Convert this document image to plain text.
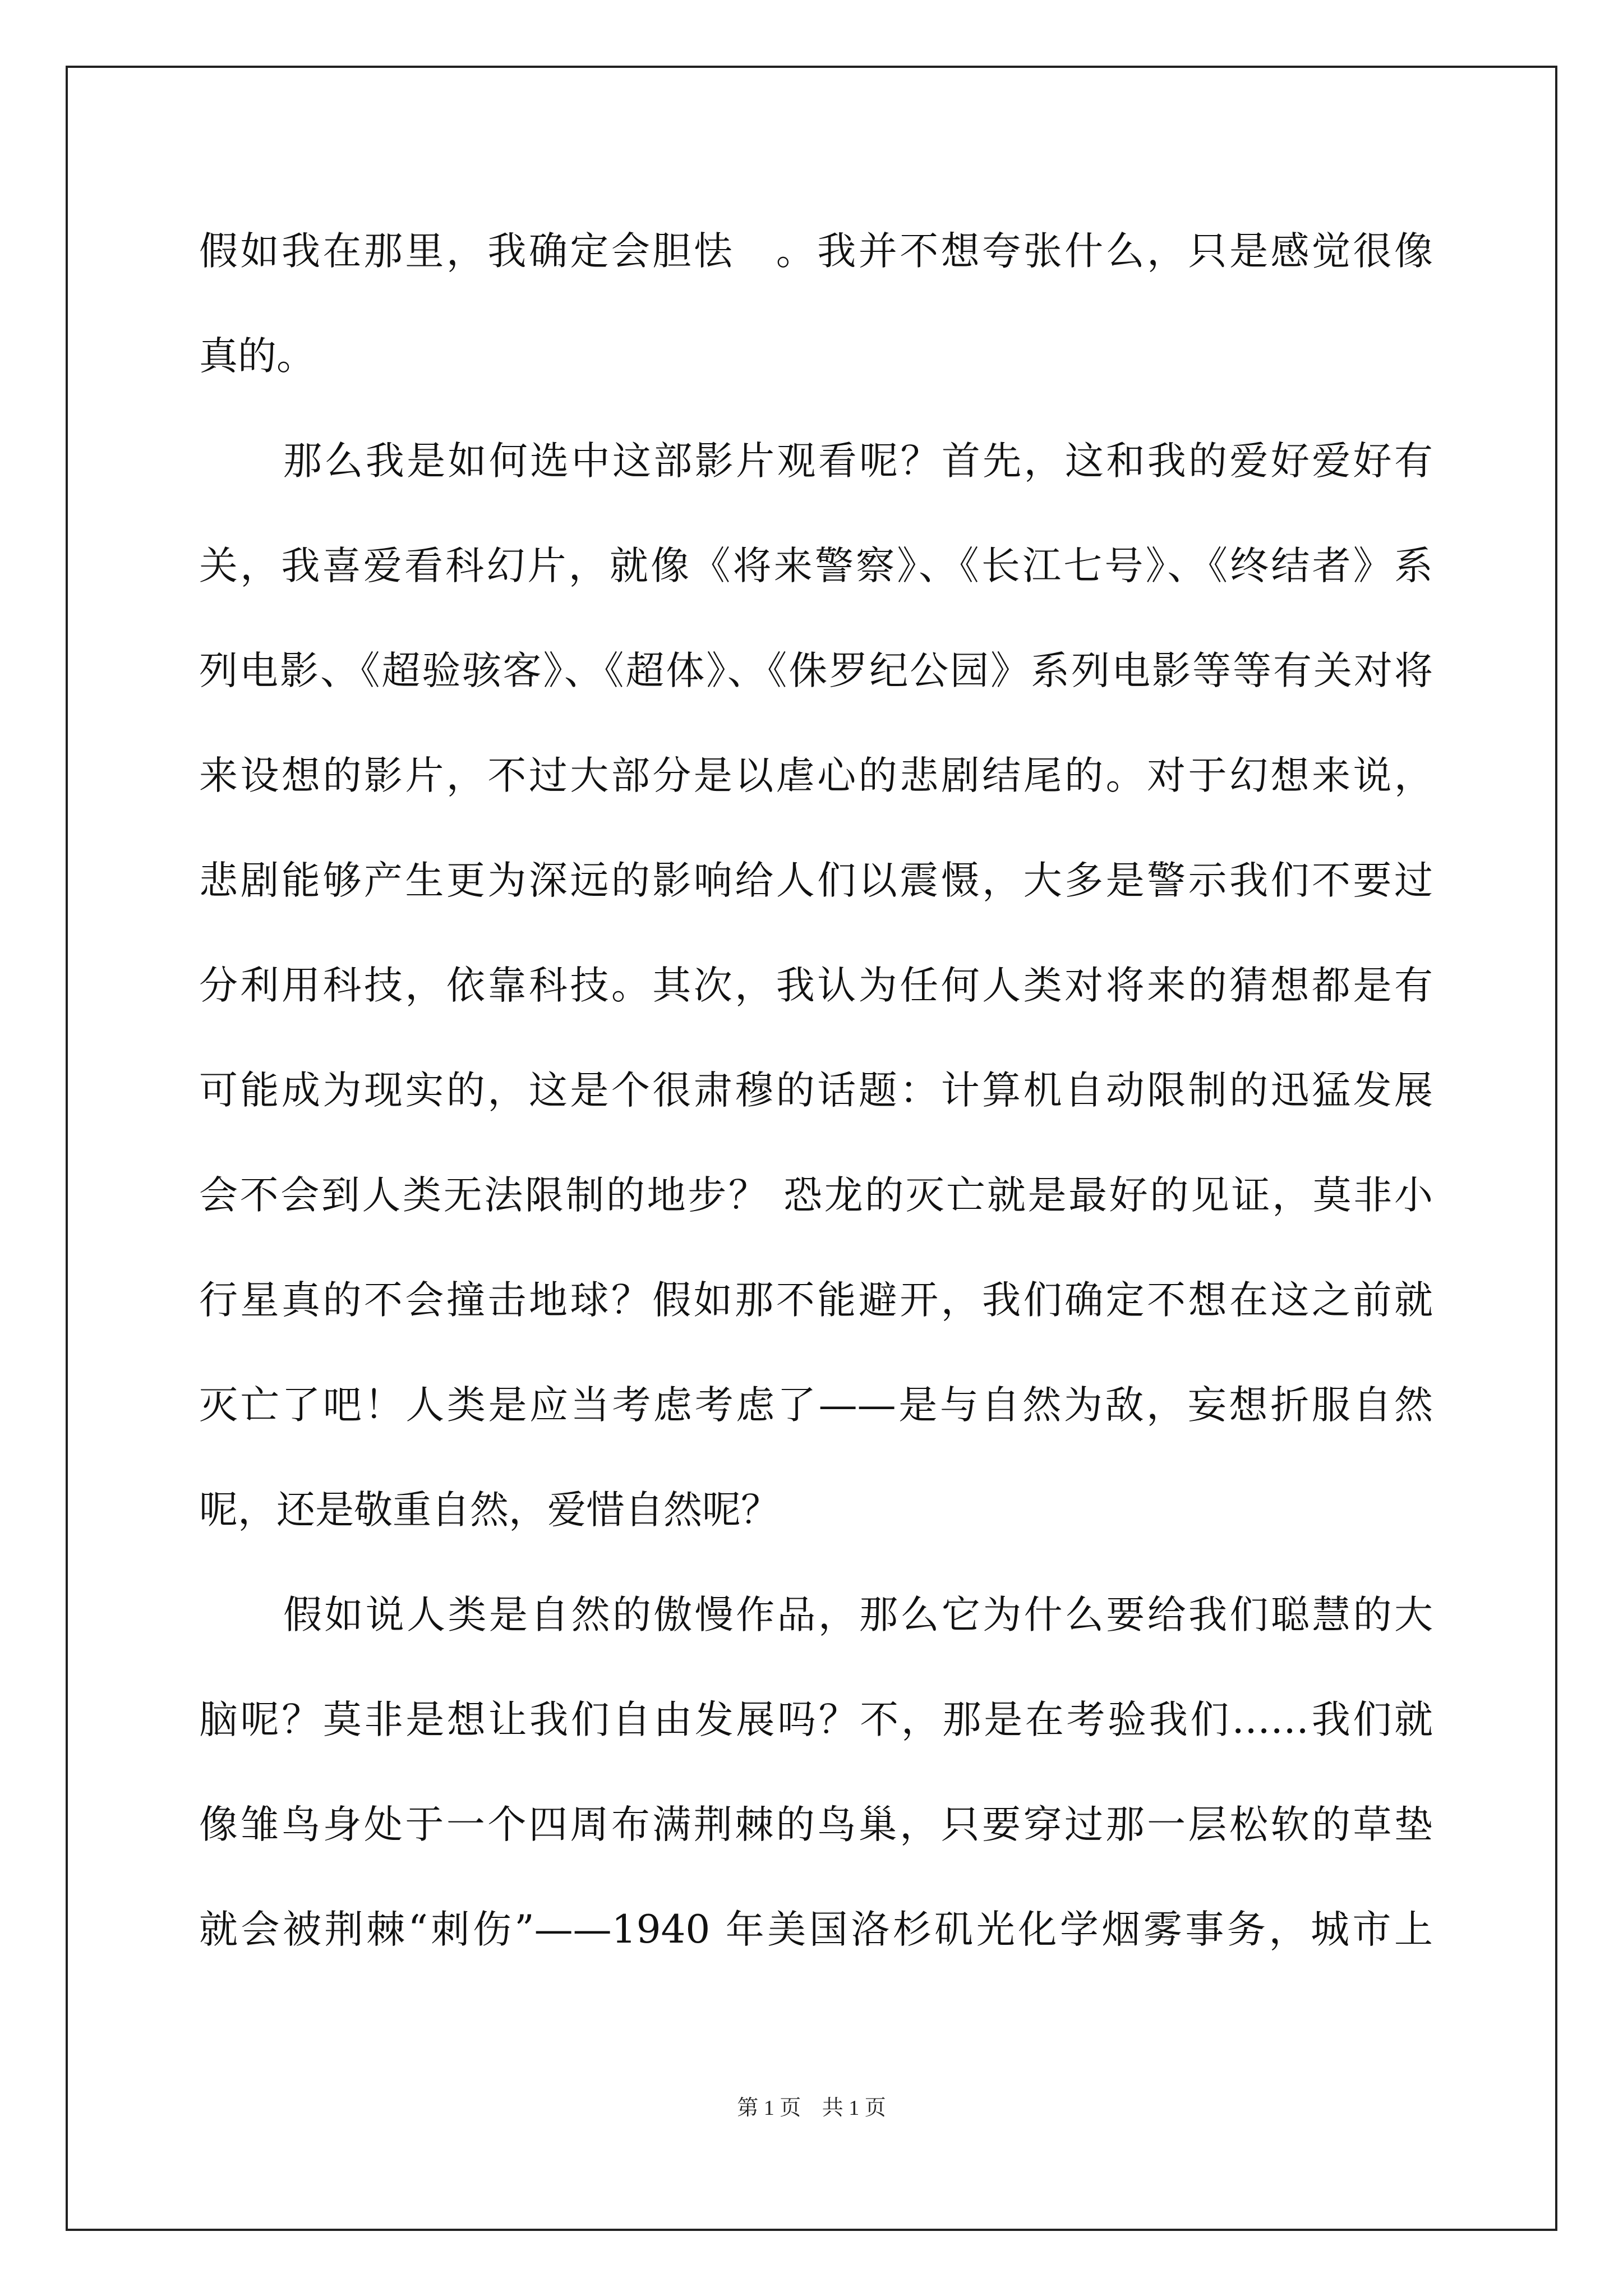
假如我在那里，我确定会胆怯　。我并不想夸张什么，只是感觉很像
真的。
那么我是如何选中这部影片观看呢？首先，这和我的爱好爱好有
关，我喜爱看科幻片，就像《将来警察》、《长江七号》、《终结者》系
列电影、《超验骇客》、《超体》、《侏罗纪公园》系列电影等等有关对将
来设想的影片，不过大部分是以虐心的悲剧结尾的。对于幻想来说，
悲剧能够产生更为深远的影响给人们以震慑，大多是警示我们不要过
分利用科技，依靠科技。其次，我认为任何人类对将来的猜想都是有
可能成为现实的，这是个很肃穆的话题：计算机自动限制的迅猛发展
会不会到人类无法限制的地步？ 恐龙的灭亡就是最好的见证，莫非小
行星真的不会撞击地球？假如那不能避开，我们确定不想在这之前就
灭亡了吧！人类是应当考虑考虑了——是与自然为敌，妄想折服自然
呢，还是敬重自然，爱惜自然呢？
假如说人类是自然的傲慢作品，那么它为什么要给我们聪慧的大
脑呢？莫非是想让我们自由发展吗？不，那是在考验我们……我们就
像雏鸟身处于一个四周布满荆棘的鸟巢，只要穿过那一层松软的草垫
就会被荆棘“刺伤”——1940 年美国洛杉矶光化学烟雾事务，城市上
第 1 页 共 1 页
